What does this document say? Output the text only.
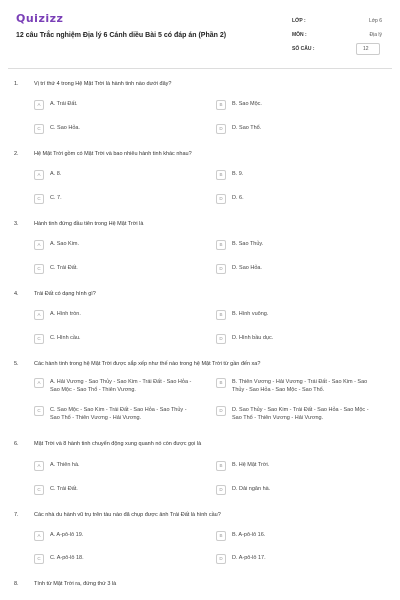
Quizizz
12 câu Trắc nghiệm Địa lý 6 Cánh diều Bài 5 có đáp án (Phần 2)
LỚP :	Lớp 6
MÔN :	Địa lý
SỐ CÂU :	12
1.	Vị trí thứ 4 trong Hệ Mặt Trời là hành tinh nào dưới đây?
A	A. Trái Đất.	B	B. Sao Mộc.
C	C. Sao Hỏa.	D	D. Sao Thổ.
2.	Hệ Mặt Trời gồm có Mặt Trời và bao nhiêu hành tinh khác nhau?
A	A. 8.	B	B. 9.
C	C. 7.	D	D. 6.
3.	Hành tinh đứng đầu tiên trong Hệ Mặt Trời là
A	A. Sao Kim.	B	B. Sao Thủy.
C	C. Trái Đất.	D	D. Sao Hỏa.
4.	Trái Đất có dạng hình gì?
A	A. Hình tròn.	B	B. Hình vuông.
C	C. Hình cầu.	D	D. Hình bầu dục.
5.	Các hành tinh trong hệ Mặt Trời được sắp xếp như thế nào trong hệ Mặt Trời từ gần đến xa?
A	A. Hải Vương - Sao Thủy - Sao Kim - Trái Đất - Sao Hỏa - Sao Mộc - Sao Thổ - Thiên Vương.
B	B. Thiên Vương - Hải Vương - Trái Đất - Sao Kim - Sao Thủy - Sao Hỏa - Sao Mộc - Sao Thổ.
C	C. Sao Mộc - Sao Kim - Trái Đất - Sao Hỏa - Sao Thủy - Sao Thổ - Thiên Vương - Hải Vương.
D	D. Sao Thủy - Sao Kim - Trái Đất - Sao Hỏa - Sao Mộc - Sao Thổ - Thiên Vương - Hải Vương.
6.	Mặt Trời và 8 hành tinh chuyển động xung quanh nó còn được gọi là
A	A. Thiên hà.	B	B. Hệ Mặt Trời.
C	C. Trái Đất.	D	D. Dải ngân hà.
7.	Các nhà du hành vũ trụ trên tàu nào đã chụp được ảnh Trái Đất là hình cầu?
A	A. A-pô-lô 19.	B	B. A-pô-lô 16.
C	C. A-pô-lô 18.	D	D. A-pô-lô 17.
8.	Tính từ Mặt Trời ra, đứng thứ 3 là
